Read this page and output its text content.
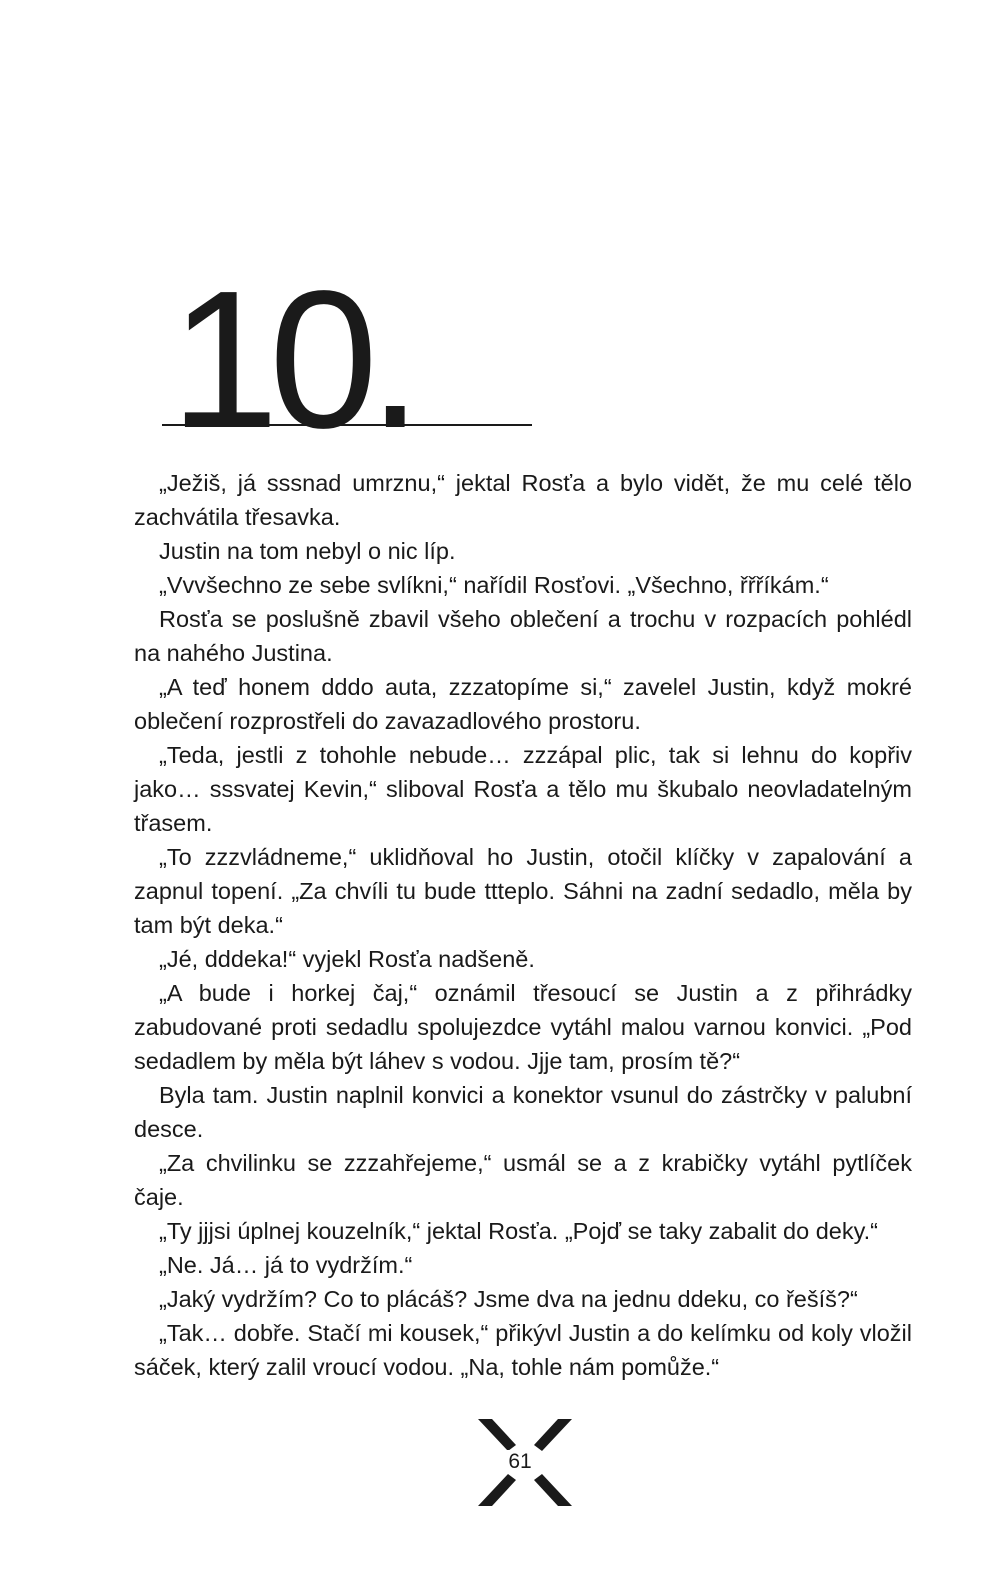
10.

„Ježiš, já sssnad umrznu,“ jektal Rosťa a bylo vidět, že mu celé tělo zachvátila třesavka.

Justin na tom nebyl o nic líp.

„Vvvšechno ze sebe svlíkni,“ nařídil Rosťovi. „Všechno, řřříkám.“

Rosťa se poslušně zbavil všeho oblečení a trochu v rozpacích pohlédl na nahého Justina.

„A teď honem dddo auta, zzzatopíme si,“ zavelel Justin, když mokré oblečení rozprostřeli do zavazadlového prostoru.

„Teda, jestli z tohohle nebude… zzzápal plic, tak si lehnu do kopřiv jako… sssvatej Kevin,“ sliboval Rosťa a tělo mu škubalo neovladatelným třasem.

„To zzzvládneme,“ uklidňoval ho Justin, otočil klíčky v zapalování a zapnul topení. „Za chvíli tu bude ttteplo. Sáhni na zadní sedadlo, měla by tam být deka.“

„Jé, dddeka!“ vyjekl Rosťa nadšeně.

„A bude i horkej čaj,“ oznámil třesoucí se Justin a z přihrádky zabudované proti sedadlu spolujezdce vytáhl malou varnou konvici. „Pod sedadlem by měla být láhev s vodou. Jjje tam, prosím tě?“

Byla tam. Justin naplnil konvici a konektor vsunul do zástrčky v palubní desce.

„Za chvilinku se zzzahřejeme,“ usmál se a z krabičky vytáhl pytlíček čaje.

„Ty jjjsi úplnej kouzelník,“ jektal Rosťa. „Pojď se taky zabalit do deky.“

„Ne. Já… já to vydržím.“

„Jaký vydržím? Co to plácáš? Jsme dva na jednu ddeku, co řešíš?“

„Tak… dobře. Stačí mi kousek,“ přikývl Justin a do kelímku od koly vložil sáček, který zalil vroucí vodou. „Na, tohle nám pomůže.“

61
